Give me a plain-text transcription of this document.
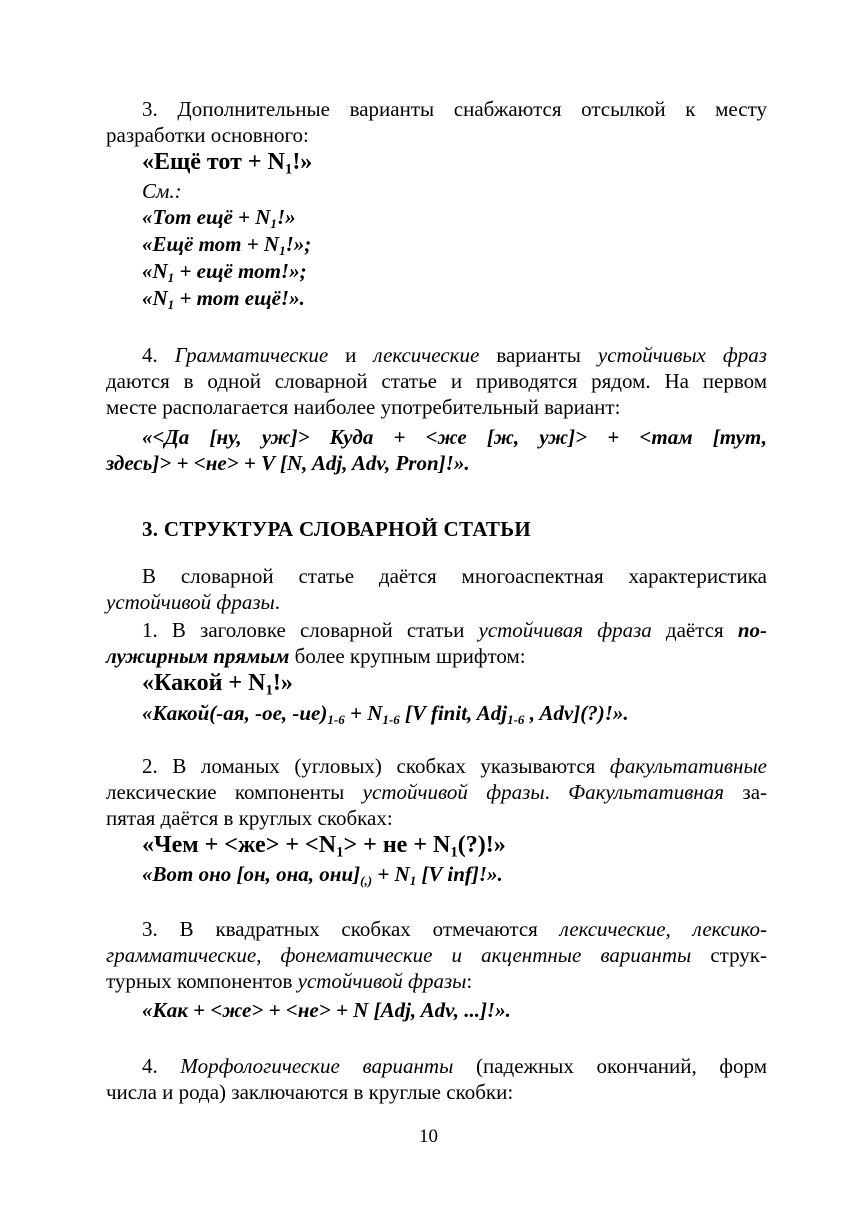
3. Дополнительные варианты снабжаются отсылкой к месту
разработки основного:
«Ещё тот + $N_1$!»
См.:
«Тот ещё + $N_1$!»
«Ещё тот + $N_1$!»;
«$N_1$ + ещё тот!»;
«$N_1$ + тот ещё!».
4. Грамматические и лексические варианты устойчивых фраз
даются в одной словарной статье и приводятся рядом. На первом
месте располагается наиболее употребительный вариант:
«<Да [ну, уж]> Куда + <же [ж, уж]> + <там [тут,
здесь]> + <не> + V [N, Adj, Adv, Pron]!».
3. СТРУКТУРА СЛОВАРНОЙ СТАТЬИ
В словарной статье даётся многоаспектная характеристика
устойчивой фразы.
1. В заголовке словарной статьи устойчивая фраза даётся по-
лужирным прямым более крупным шрифтом:
«Какой + $N_1$!»
«Какой(-ая, -ое, $-ие)_{1-6} + N_{1-6}$ [V finit, Adj$_{1-6}$ , Adv](?)!».
2. В ломаных (угловых) скобках указываются факультативные
лексические компоненты устойчивой фразы. Факультативная за-
пятая даётся в круглых скобках:
«Чем + $<же> + <N_1>$ + не + $N_1(?)$!»
«Вот оно [он, она, $они]_{(,)} + N_1$ [V inf]!».
3. В квадратных скобках отмечаются лексические, лексико-
грамматические, фонематические и акцентные варианты струк-
турных компонентов устойчивой фразы:
«Как + <же> + <не> + N [Adj, Adv, ...]!».
4. Морфологические варианты (падежных окончаний, форм
числа и рода) заключаются в круглые скобки:
10
